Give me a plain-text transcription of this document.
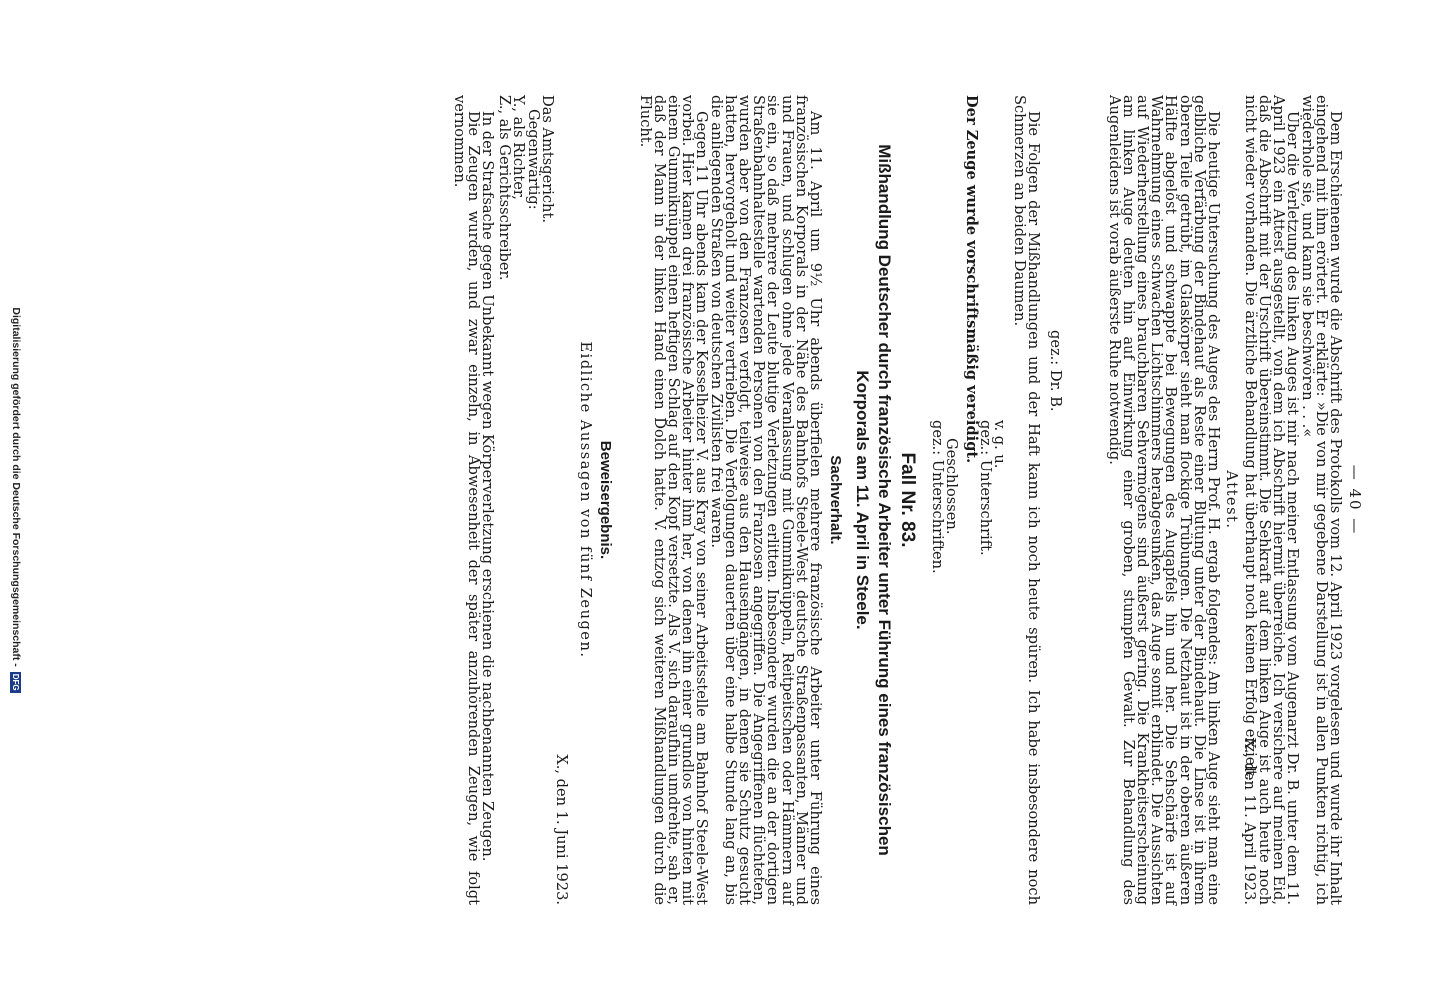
— 40 —

Dem Erschienenen wurde die Abschrift des Protokolls vom 12. April 1923 vorgelesen und wurde ihr Inhalt eingehend mit ihm erörtert. Er erklärte: »Die von mir gegebene Darstellung ist in allen Punkten richtig, ich wiederhole sie, und kann sie beschwören . . .«

Über die Verletzung des linken Auges ist mir nach meiner Entlassung vom Augenarzt Dr. B. unter dem 11. April 1923 ein Attest ausgestellt, von dem ich Abschrift hiermit überreiche. Ich versichere auf meinen Eid, daß die Abschrift mit der Urschrift übereinstimmt. Die Sehkraft auf dem linken Auge ist auch heute noch nicht wieder vorhanden. Die ärztliche Behandlung hat überhaupt noch keinen Erfolg erzielt.

X., den 11. April 1923.
Attest.

Die heutige Untersuchung des Auges des Herrn Prof. H. ergab folgendes: Am linken Auge sieht man eine gelbliche Verfärbung der Bindehaut als Reste einer Blutung unter der Bindehaut. Die Linse ist in ihrem oberen Teile getrübt, im Glaskörper sieht man flockige Trübungen. Die Netzhaut ist in der oberen äußeren Hälfte abgelöst und schwappte bei Bewegungen des Augapfels hin und her. Die Sehschärfe ist auf Wahrnehmung eines schwachen Lichtschimmers herabgesunken, das Auge somit erblindet. Die Aussichten auf Wiederherstellung eines brauchbaren Sehvermögens sind äußerst gering. Die Krankheitserscheinung am linken Auge deuten hin auf Einwirkung einer groben, stumpfen Gewalt. Zur Behandlung des Augenleidens ist vorab äußerste Ruhe notwendig.

gez.: Dr. B.

Die Folgen der Mißhandlungen und der Haft kann ich noch heute spüren. Ich habe insbesondere noch Schmerzen an beiden Daumen.

v. g. u.
gez.: Unterschrift.
Der Zeuge wurde vorschriftsmäßig vereidigt.
Geschlossen.
gez.: Unterschriften.
Fall Nr. 83.
Mißhandlung Deutscher durch französische Arbeiter unter Führung eines französischen
Korporals am 11. April in Steele.
Sachverhalt.

Am 11. April um 9½ Uhr abends überfielen mehrere französische Arbeiter unter Führung eines französischen Korporals in der Nähe des Bahnhofs Steele-West deutsche Straßenpassanten, Männer und und Frauen, und schlugen ohne jede Veranlassung mit Gummiknüppeln, Reitpeitschen oder Hämmern auf sie ein, so daß mehrere der Leute blutige Verletzungen erlitten. Insbesondere wurden die an der dortigen Straßenbahnhaltestelle wartenden Personen von den Franzosen angegriffen. Die Angegriffenen flüchteten, wurden aber von den Franzosen verfolgt, teilweise aus den Hauseingängen, in denen sie Schutz gesucht hatten, hervorgeholt und weiter vertrieben. Die Verfolgungen dauerten über eine halbe Stunde lang an, bis die anliegenden Straßen von deutschen Zivilisten frei waren.

Gegen 11 Uhr abends kam der Kesselheizer V. aus Kray von seiner Arbeitsstelle am Bahnhof Steele-West vorbei. Hier kamen drei französische Arbeiter hinter ihm her, von denen ihn einer grundlos von hinten mit einem Gummiknüppel einen heftigen Schlag auf den Kopf versetzte. Als V. sich daraufhin umdrehte, sah er, daß der Mann in der linken Hand einen Dolch hatte. V. entzog sich weiteren Mißhandlungen durch die Flucht.

Beweisergebnis.
Eidliche Aussagen von fünf Zeugen.
X., den 1. Juni 1923.
Das Amtsgericht.
Gegenwärtig:
Y., als Richter,
Z., als Gerichtsschreiber.

In der Strafsache gegen Unbekannt wegen Körperverletzung erschienen die nachbenannten Zeugen.

Die Zeugen wurden, und zwar einzeln, in Abwesenheit der später anzuhörenden Zeugen, wie folgt vernommen.

Digitalisierung gefördert durch die Deutsche Forschungsgemeinschaft - DFG
